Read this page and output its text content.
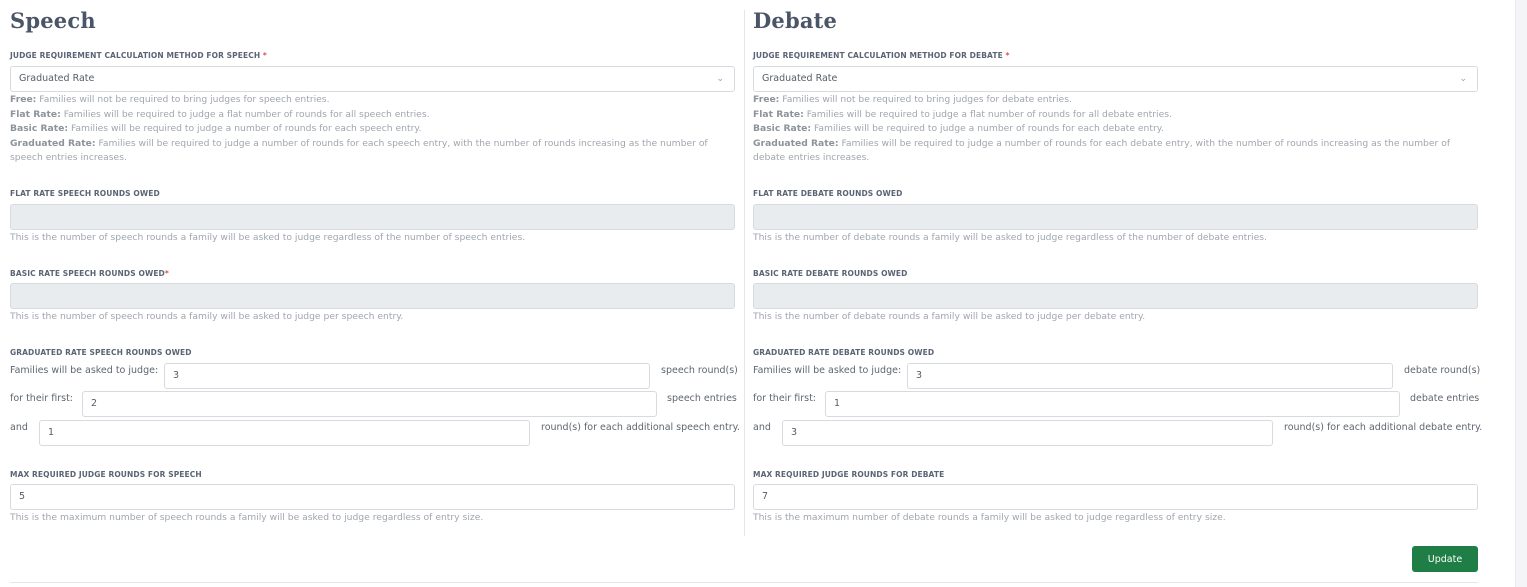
Speech
JUDGE REQUIREMENT CALCULATION METHOD FOR SPEECH *
Graduated Rate	⌄
Free: Families will not be required to bring judges for speech entries.
Flat Rate: Families will be required to judge a flat number of rounds for all speech entries.
Basic Rate: Families will be required to judge a number of rounds for each speech entry.
Graduated Rate: Families will be required to judge a number of rounds for each speech entry, with the number of rounds increasing as the number of speech entries increases.
FLAT RATE SPEECH ROUNDS OWED
This is the number of speech rounds a family will be asked to judge regardless of the number of speech entries.
BASIC RATE SPEECH ROUNDS OWED*
This is the number of speech rounds a family will be asked to judge per speech entry.
GRADUATED RATE SPEECH ROUNDS OWED
Families will be asked to judge:	3	speech round(s)
for their first:	2	speech entries
and	1	round(s) for each additional speech entry.
MAX REQUIRED JUDGE ROUNDS FOR SPEECH
5
This is the maximum number of speech rounds a family will be asked to judge regardless of entry size.
Debate
JUDGE REQUIREMENT CALCULATION METHOD FOR DEBATE *
Graduated Rate	⌄
Free: Families will not be required to bring judges for debate entries.
Flat Rate: Families will be required to judge a flat number of rounds for all debate entries.
Basic Rate: Families will be required to judge a number of rounds for each debate entry.
Graduated Rate: Families will be required to judge a number of rounds for each debate entry, with the number of rounds increasing as the number of debate entries increases.
FLAT RATE DEBATE ROUNDS OWED
This is the number of debate rounds a family will be asked to judge regardless of the number of debate entries.
BASIC RATE DEBATE ROUNDS OWED
This is the number of debate rounds a family will be asked to judge per debate entry.
GRADUATED RATE DEBATE ROUNDS OWED
Families will be asked to judge:	3	debate round(s)
for their first:	1	debate entries
and	3	round(s) for each additional debate entry.
MAX REQUIRED JUDGE ROUNDS FOR DEBATE
7
This is the maximum number of debate rounds a family will be asked to judge regardless of entry size.
Update
